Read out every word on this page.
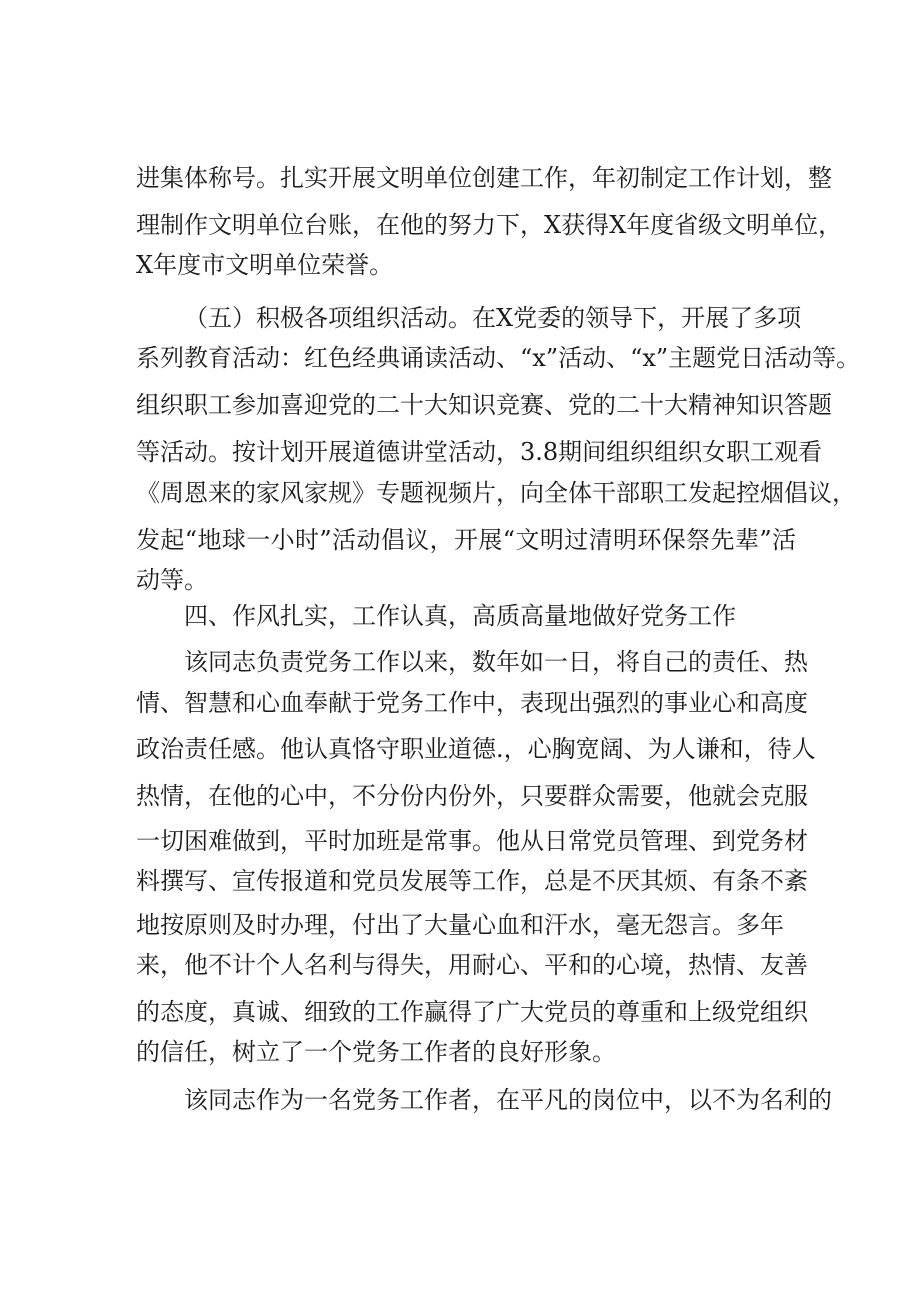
进集体称号。扎实开展文明单位创建工作，年初制定工作计划，整
理制作文明单位台账，在他的努力下，X获得X年度省级文明单位，
X年度市文明单位荣誉。
（五）积极各项组织活动。在X党委的领导下，开展了多项
系列教育活动：红色经典诵读活动、“x”活动、“x”主题党日活动等。
组织职工参加喜迎党的二十大知识竞赛、党的二十大精神知识答题
等活动。按计划开展道德讲堂活动，3.8期间组织组织女职工观看
《周恩来的家风家规》专题视频片，向全体干部职工发起控烟倡议，
发起“地球一小时”活动倡议，开展“文明过清明环保祭先辈”活
动等。
四、作风扎实，工作认真，高质高量地做好党务工作
该同志负责党务工作以来，数年如一日，将自己的责任、热
情、智慧和心血奉献于党务工作中，表现出强烈的事业心和高度
政治责任感。他认真恪守职业道德.，心胸宽阔、为人谦和，待人
热情，在他的心中，不分份内份外，只要群众需要，他就会克服
一切困难做到，平时加班是常事。他从日常党员管理、到党务材
料撰写、宣传报道和党员发展等工作，总是不厌其烦、有条不紊
地按原则及时办理，付出了大量心血和汗水，毫无怨言。多年
来，他不计个人名利与得失，用耐心、平和的心境，热情、友善
的态度，真诚、细致的工作赢得了广大党员的尊重和上级党组织
的信任，树立了一个党务工作者的良好形象。
该同志作为一名党务工作者，在平凡的岗位中，以不为名利的
